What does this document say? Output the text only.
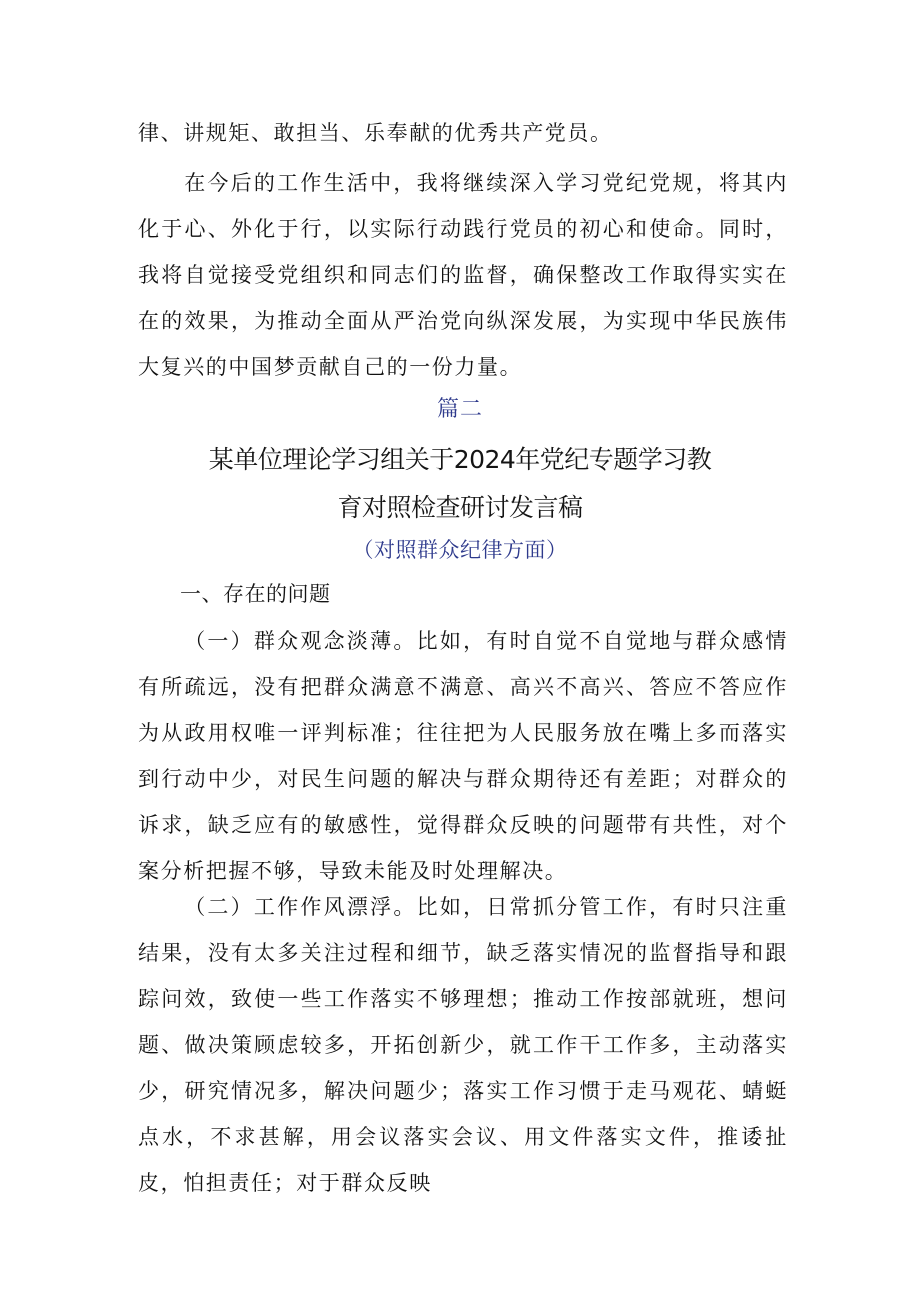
律、讲规矩、敢担当、乐奉献的优秀共产党员。

在今后的工作生活中，我将继续深入学习党纪党规，将其内化于心、外化于行，以实际行动践行党员的初心和使命。同时，我将自觉接受党组织和同志们的监督，确保整改工作取得实实在在的效果，为推动全面从严治党向纵深发展，为实现中华民族伟大复兴的中国梦贡献自己的一份力量。

篇二
某单位理论学习组关于2024年党纪专题学习教
育对照检查研讨发言稿
（对照群众纪律方面）
一、存在的问题

（一）群众观念淡薄。比如，有时自觉不自觉地与群众感情有所疏远，没有把群众满意不满意、高兴不高兴、答应不答应作为从政用权唯一评判标准；往往把为人民服务放在嘴上多而落实到行动中少，对民生问题的解决与群众期待还有差距；对群众的诉求，缺乏应有的敏感性，觉得群众反映的问题带有共性，对个案分析把握不够，导致未能及时处理解决。

（二）工作作风漂浮。比如，日常抓分管工作，有时只注重结果，没有太多关注过程和细节，缺乏落实情况的监督指导和跟踪问效，致使一些工作落实不够理想；推动工作按部就班，想问题、做决策顾虑较多，开拓创新少，就工作干工作多，主动落实少，研究情况多，解决问题少；落实工作习惯于走马观花、蜻蜓点水，不求甚解，用会议落实会议、用文件落实文件，推诿扯皮，怕担责任；对于群众反映
